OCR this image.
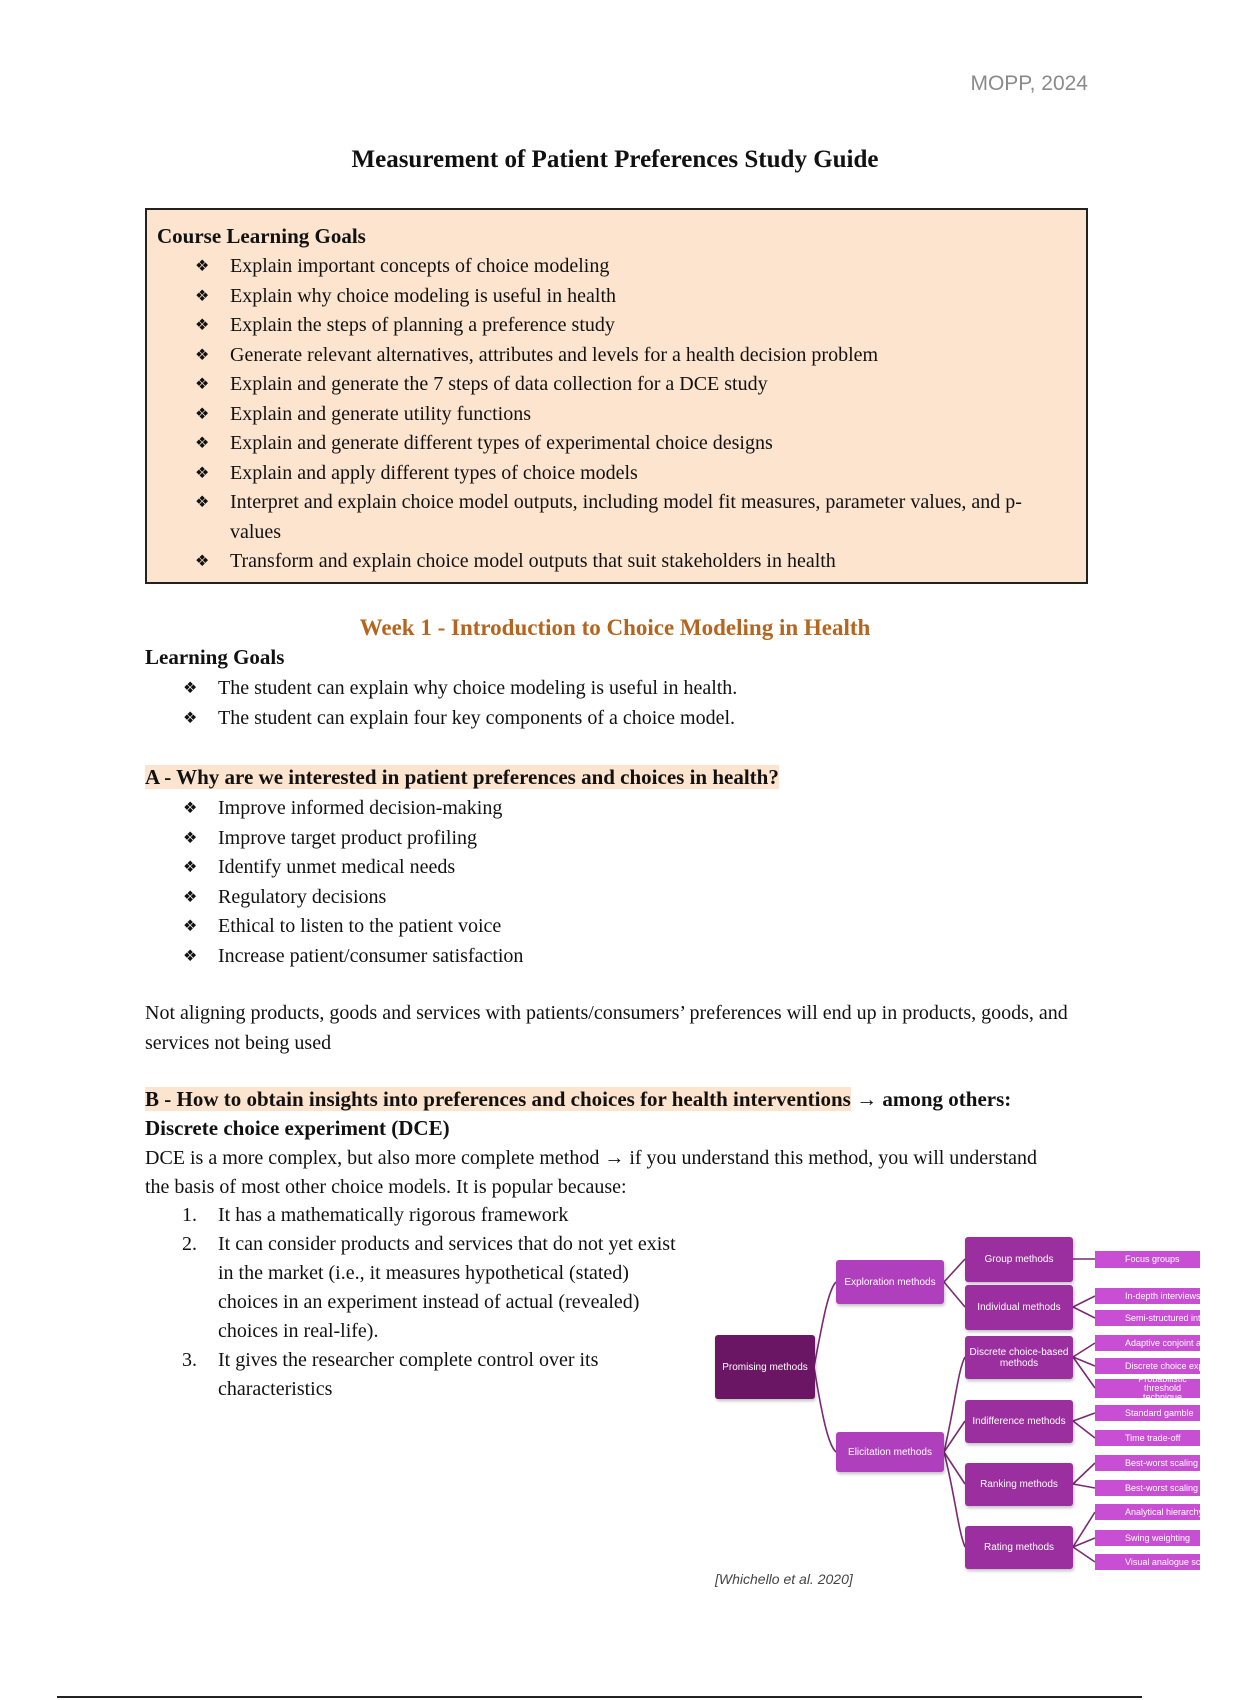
MOPP, 2024
Measurement of Patient Preferences Study Guide
Course Learning Goals
❖ Explain important concepts of choice modeling
❖ Explain why choice modeling is useful in health
❖ Explain the steps of planning a preference study
❖ Generate relevant alternatives, attributes and levels for a health decision problem
❖ Explain and generate the 7 steps of data collection for a DCE study
❖ Explain and generate utility functions
❖ Explain and generate different types of experimental choice designs
❖ Explain and apply different types of choice models
❖ Interpret and explain choice model outputs, including model fit measures, parameter values, and p-values
❖ Transform and explain choice model outputs that suit stakeholders in health
Week 1 - Introduction to Choice Modeling in Health
Learning Goals
❖ The student can explain why choice modeling is useful in health.
❖ The student can explain four key components of a choice model.
A - Why are we interested in patient preferences and choices in health?
❖ Improve informed decision-making
❖ Improve target product profiling
❖ Identify unmet medical needs
❖ Regulatory decisions
❖ Ethical to listen to the patient voice
❖ Increase patient/consumer satisfaction
Not aligning products, goods and services with patients/consumers’ preferences will end up in products, goods, and services not being used
B - How to obtain insights into preferences and choices for health interventions → among others:
Discrete choice experiment (DCE)
DCE is a more complex, but also more complete method → if you understand this method, you will understand the basis of most other choice models. It is popular because:
1. It has a mathematically rigorous framework
2. It can consider products and services that do not yet exist in the market (i.e., it measures hypothetical (stated) choices in an experiment instead of actual (revealed) choices in real-life).
3. It gives the researcher complete control over its characteristics
Promising methods
Exploration methods
Elicitation methods
Group methods
Individual methods
Discrete choice-based methods
Indifference methods
Ranking methods
Rating methods
Focus groups
In-depth interviews
Semi-structured interviews
Adaptive conjoint analysis
Discrete choice experiment
Probabilistic threshold technique
Standard gamble
Time trade-off
Best-worst scaling
Best-worst scaling
Analytical hierarchy process
Swing weighting
Visual analogue scale
[Whichello et al. 2020]
